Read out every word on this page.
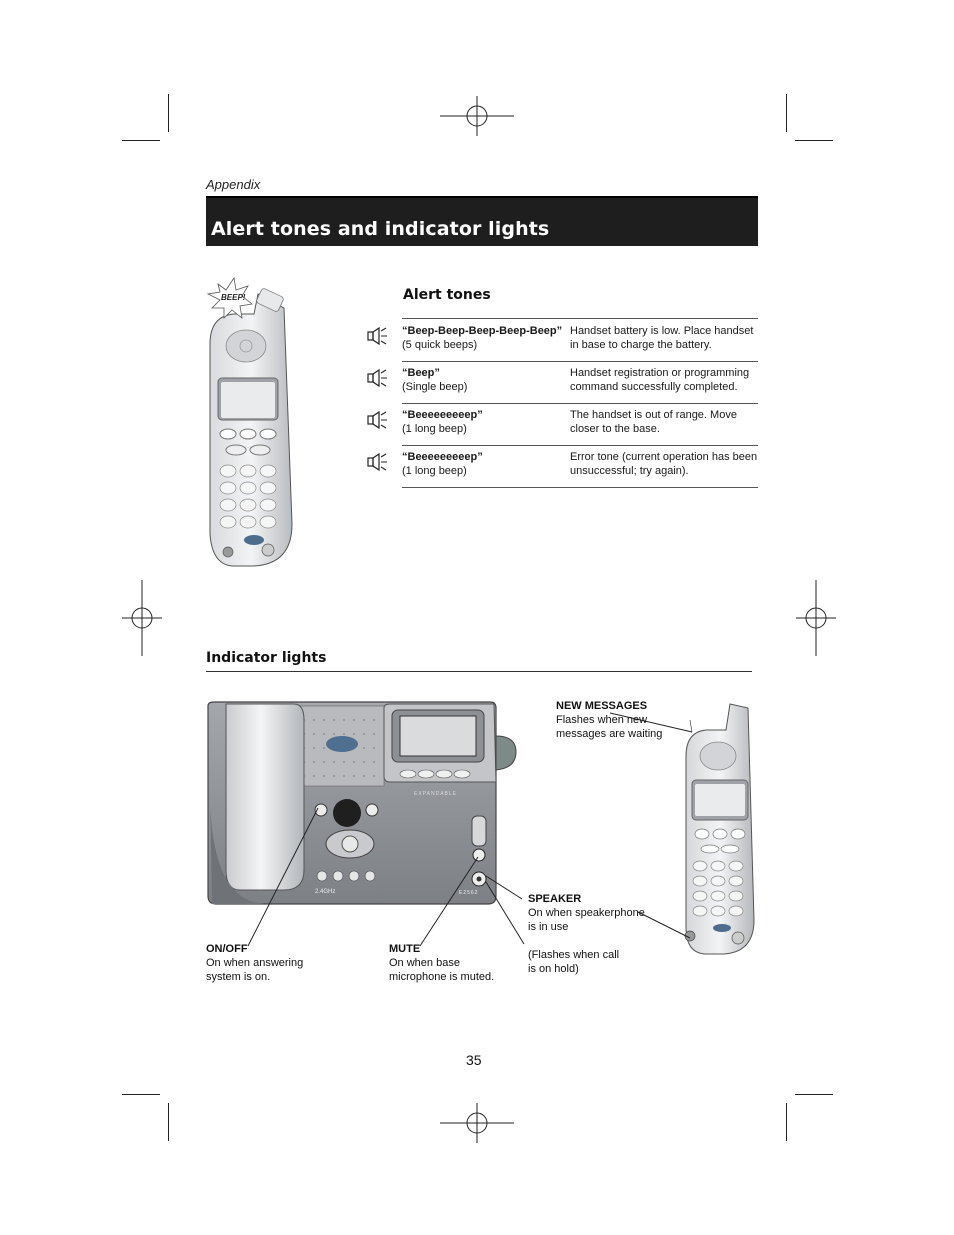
Appendix
Alert tones and indicator lights
BEEP!	Alert tones
“Beep-Beep-Beep-Beep-Beep”
(5 quick beeps)
Handset battery is low. Place handset in base to charge the battery.
“Beep”
(Single beep)
Handset registration or programming command successfully completed.
“Beeeeeeeeep”
(1 long beep)
The handset is out of range. Move closer to the base.
“Beeeeeeeeep”
(1 long beep)
Error tone (current operation has been unsuccessful; try again).
Indicator lights
EXPANDABLE
E2562
2.4GHz
NEW MESSAGES
Flashes when new
messages are waiting
SPEAKER
On when speakerphone
is in use
(Flashes when call
is on hold)
ON/OFF
On when answering
system is on.
MUTE
On when base
microphone is muted.
35
